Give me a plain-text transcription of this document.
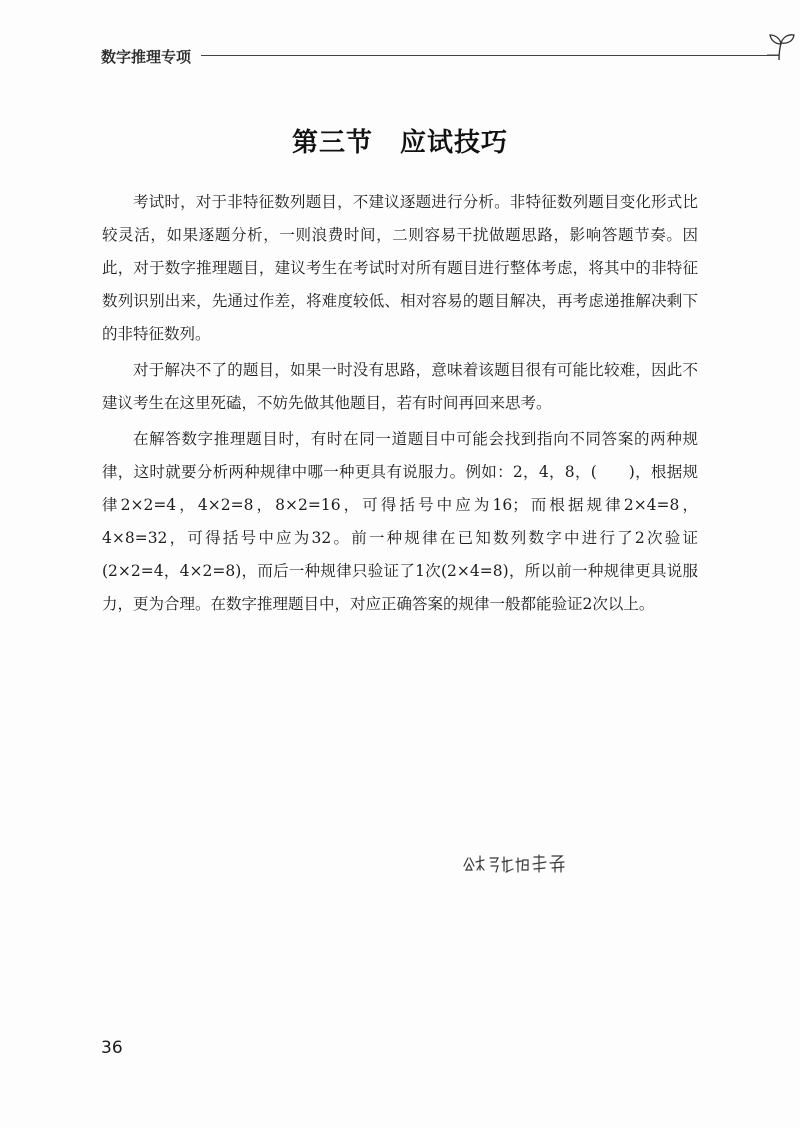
数字推理专项
第三节　应试技巧

考试时，对于非特征数列题目，不建议逐题进行分析。非特征数列题目变化形式比较灵活，如果逐题分析，一则浪费时间，二则容易干扰做题思路，影响答题节奏。因此，对于数字推理题目，建议考生在考试时对所有题目进行整体考虑，将其中的非特征数列识别出来，先通过作差，将难度较低、相对容易的题目解决，再考虑递推解决剩下的非特征数列。

对于解决不了的题目，如果一时没有思路，意味着该题目很有可能比较难，因此不建议考生在这里死磕，不妨先做其他题目，若有时间再回来思考。

在解答数字推理题目时，有时在同一道题目中可能会找到指向不同答案的两种规律，这时就要分析两种规律中哪一种更具有说服力。例如：2，4，8，(　　)，根据规律2×2=4，4×2=8，8×2=16，可得括号中应为16；而根据规律2×4=8，4×8=32，可得括号中应为32。前一种规律在已知数列数字中进行了2次验证(2×2=4，4×2=8)，而后一种规律只验证了1次(2×4=8)，所以前一种规律更具说服力，更为合理。在数字推理题目中，对应正确答案的规律一般都能验证2次以上。

36
